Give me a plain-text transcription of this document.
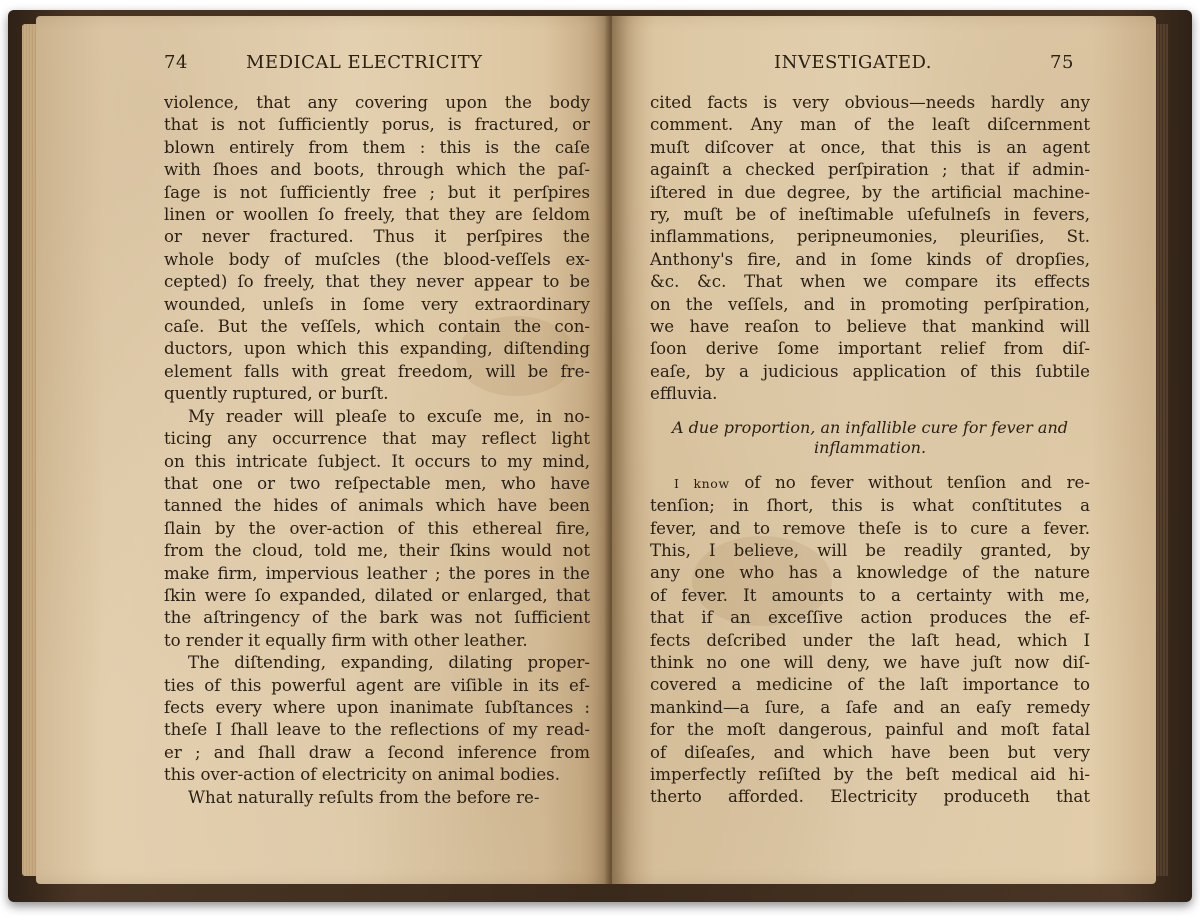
74	MEDICAL ELECTRICITY
violence, that any covering upon the body
that is not ſufficiently porus, is fractured, or
blown entirely from them : this is the caſe
with ſhoes and boots, through which the paſ-
ſage is not ſufficiently free ; but it perſpires
linen or woollen ſo freely, that they are ſeldom
or never fractured. Thus it perſpires the
whole body of muſcles (the blood-veſſels ex-
cepted) ſo freely, that they never appear to be
wounded, unleſs in ſome very extraordinary
caſe. But the veſſels, which contain the con-
ductors, upon which this expanding, diſtending
element falls with great freedom, will be fre-
quently ruptured, or burſt.
My reader will pleaſe to excuſe me, in no-
ticing any occurrence that may reflect light
on this intricate ſubject. It occurs to my mind,
that one or two reſpectable men, who have
tanned the hides of animals which have been
ſlain by the over-action of this ethereal fire,
from the cloud, told me, their ſkins would not
make firm, impervious leather ; the pores in the
ſkin were ſo expanded, dilated or enlarged, that
the aſtringency of the bark was not ſufficient
to render it equally firm with other leather.
The diſtending, expanding, dilating proper-
ties of this powerful agent are viſible in its ef-
fects every where upon inanimate ſubſtances :
theſe I ſhall leave to the reflections of my read-
er ; and ſhall draw a ſecond inference from
this over-action of electricity on animal bodies.
What naturally reſults from the before re-
INVESTIGATED.	75
cited facts is very obvious—needs hardly any
comment. Any man of the leaſt diſcernment
muſt diſcover at once, that this is an agent
againſt a checked perſpiration ; that if admin-
iſtered in due degree, by the artificial machine-
ry, muſt be of ineſtimable uſefulneſs in fevers,
inflammations, peripneumonies, pleuriſies, St.
Anthony's fire, and in ſome kinds of dropſies,
&c. &c. That when we compare its effects
on the veſſels, and in promoting perſpiration,
we have reaſon to believe that mankind will
ſoon derive ſome important relief from diſ-
eaſe, by a judicious application of this ſubtile
effluvia.
A due proportion, an infallible cure for fever and
inflammation.
I know of no fever without tenſion and re-
tenſion; in ſhort, this is what conſtitutes a
fever, and to remove theſe is to cure a fever.
This, I believe, will be readily granted, by
any one who has a knowledge of the nature
of fever. It amounts to a certainty with me,
that if an exceſſive action produces the ef-
fects deſcribed under the laſt head, which I
think no one will deny, we have juſt now diſ-
covered a medicine of the laſt importance to
mankind—a ſure, a ſafe and an eaſy remedy
for the moſt dangerous, painful and moſt fatal
of diſeaſes, and which have been but very
imperfectly reſiſted by the beſt medical aid hi-
therto afforded. Electricity produceth that
